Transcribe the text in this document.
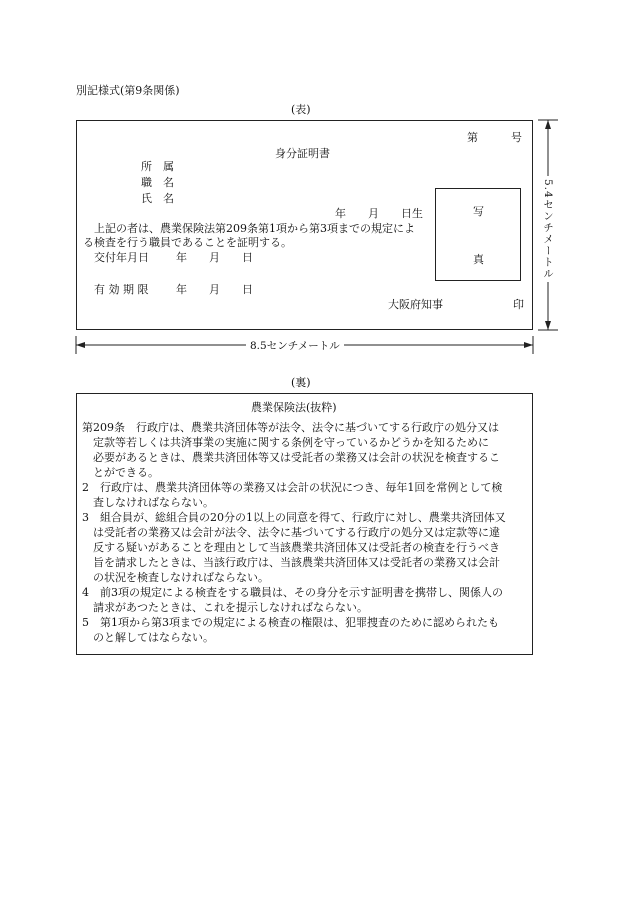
別記様式(第9条関係)
(表)
第　　　号
身分証明書
所　属
職　名
氏　名
年　　月　　日生
上記の者は、農業保険法第209条第1項から第3項までの規定によ
る検査を行う職員であることを証明する。
交付年月日 年　　月　　日
有 効 期 限	年　　月　　日
大阪府知事	印
写
真	5.4センチメートル
8.5センチメートル
(裏)
農業保険法(抜粋)
第209条　行政庁は、農業共済団体等が法令、法令に基づいてする行政庁の処分又は
　定款等若しくは共済事業の実施に関する条例を守っているかどうかを知るために
　必要があるときは、農業共済団体等又は受託者の業務又は会計の状況を検査するこ
　とができる。
2　行政庁は、農業共済団体等の業務又は会計の状況につき、毎年1回を常例として検
　査しなければならない。
3　組合員が、総組合員の20分の1以上の同意を得て、行政庁に対し、農業共済団体又
　は受託者の業務又は会計が法令、法令に基づいてする行政庁の処分又は定款等に違
　反する疑いがあることを理由として当該農業共済団体又は受託者の検査を行うべき
　旨を請求したときは、当該行政庁は、当該農業共済団体又は受託者の業務又は会計
　の状況を検査しなければならない。
4　前3項の規定による検査をする職員は、その身分を示す証明書を携帯し、関係人の
　請求があつたときは、これを提示しなければならない。
5　第1項から第3項までの規定による検査の権限は、犯罪捜査のために認められたも
　のと解してはならない。
